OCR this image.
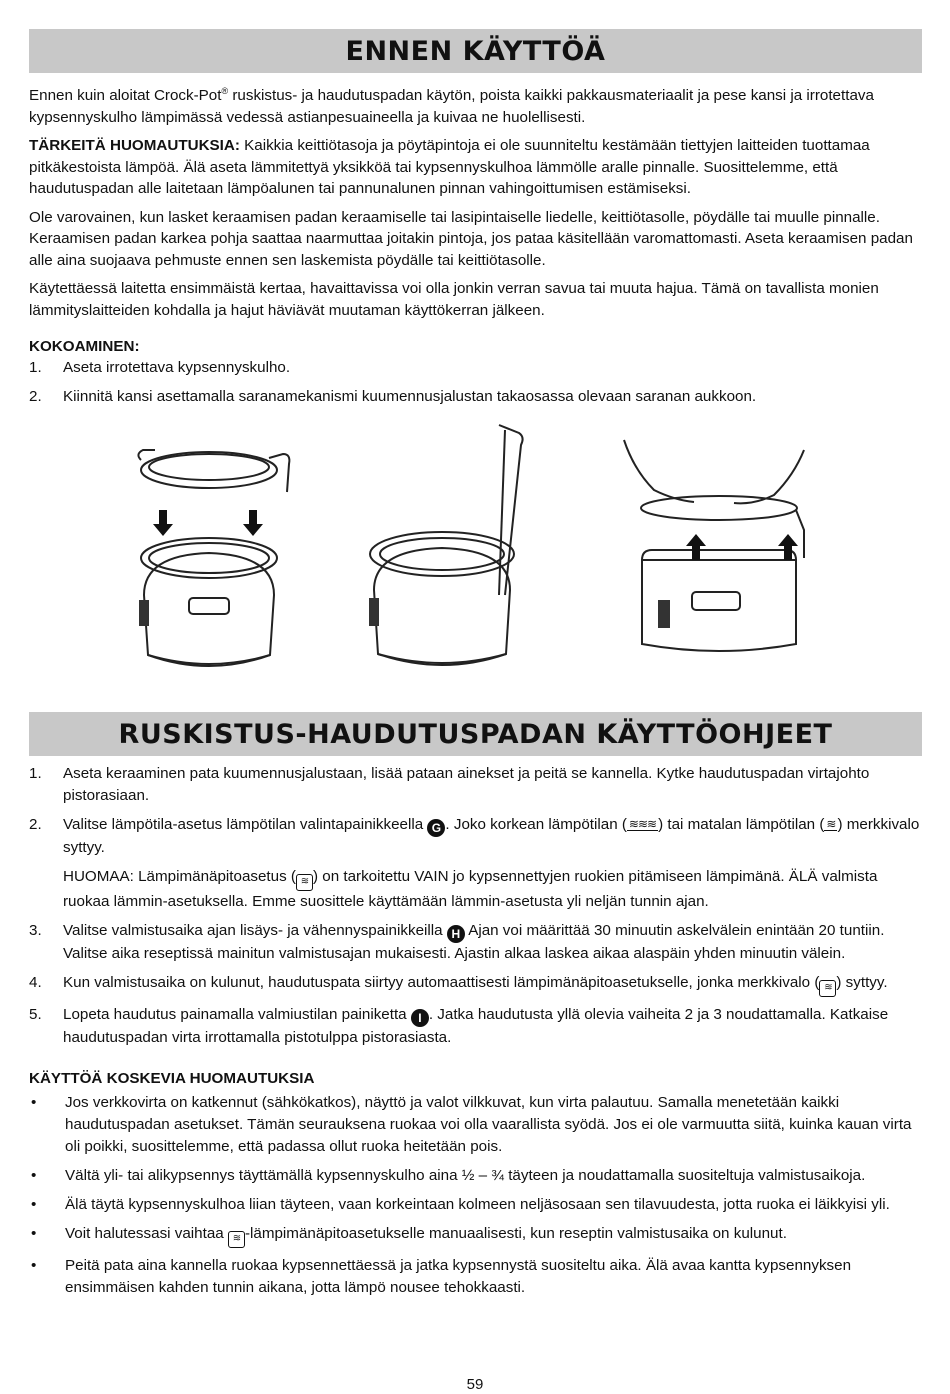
ENNEN KÄYTTÖÄ

Ennen kuin aloitat Crock-Pot® ruskistus- ja haudutuspadan käytön, poista kaikki pakkausmateriaalit ja pese kansi ja irrotettava kypsennyskulho lämpimässä vedessä astianpesuaineella ja kuivaa ne huolellisesti.

TÄRKEITÄ HUOMAUTUKSIA: Kaikkia keittiötasoja ja pöytäpintoja ei ole suunniteltu kestämään tiettyjen laitteiden tuottamaa pitkäkestoista lämpöä. Älä aseta lämmitettyä yksikköä tai kypsennyskulhoa lämmölle aralle pinnalle. Suosittelemme, että haudutuspadan alle laitetaan lämpöalunen tai pannunalunen pinnan vahingoittumisen estämiseksi.

Ole varovainen, kun lasket keraamisen padan keraamiselle tai lasipintaiselle liedelle, keittiötasolle, pöydälle tai muulle pinnalle. Keraamisen padan karkea pohja saattaa naarmuttaa joitakin pintoja, jos pataa käsitellään varomattomasti. Aseta keraamisen padan alle aina suojaava pehmuste ennen sen laskemista pöydälle tai keittiötasolle.

Käytettäessä laitetta ensimmäistä kertaa, havaittavissa voi olla jonkin verran savua tai muuta hajua. Tämä on tavallista monien lämmityslaitteiden kohdalla ja hajut häviävät muutaman käyttökerran jälkeen.

KOKOAMINEN:
1.	Aseta irrotettava kypsennyskulho.
2.	Kiinnitä kansi asettamalla saranamekanismi kuumennusjalustan takaosassa olevaan saranan aukkoon.
RUSKISTUS-HAUDUTUSPADAN KÄYTTÖOHJEET
1.	Aseta keraaminen pata kuumennusjalustaan, lisää pataan ainekset ja peitä se kannella. Kytke haudutuspadan virtajohto pistorasiaan.
2.	Valitse lämpötila-asetus lämpötilan valintapainikkeella G . Joko korkean lämpötilan ( ≋≋≋ ) tai matalan lämpötilan ( ≋ ) merkkivalo syttyy.
HUOMAA: Lämpimänäpitoasetus ( ≋ ) on tarkoitettu VAIN jo kypsennettyjen ruokien pitämiseen lämpimänä. ÄLÄ valmista ruokaa lämmin-asetuksella. Emme suosittele käyttämään lämmin-asetusta yli neljän tunnin ajan.
3.	Valitse valmistusaika ajan lisäys- ja vähennyspainikkeilla H Ajan voi määrittää 30 minuutin askelvälein enintään 20 tuntiin. Valitse aika reseptissä mainitun valmistusajan mukaisesti. Ajastin alkaa laskea aikaa alaspäin yhden minuutin välein.
4.	Kun valmistusaika on kulunut, haudutuspata siirtyy automaattisesti lämpimänäpitoasetukselle, jonka merkkivalo ( ≋ ) syttyy.
5.	Lopeta haudutus painamalla valmiustilan painiketta I . Jatka haudutusta yllä olevia vaiheita 2 ja 3 noudattamalla. Katkaise haudutuspadan virta irrottamalla pistotulppa pistorasiasta.
KÄYTTÖÄ KOSKEVIA HUOMAUTUKSIA
•	Jos verkkovirta on katkennut (sähkökatkos), näyttö ja valot vilkkuvat, kun virta palautuu. Samalla menetetään kaikki haudutuspadan asetukset. Tämän seurauksena ruokaa voi olla vaarallista syödä. Jos ei ole varmuutta siitä, kuinka kauan virta oli poikki, suosittelemme, että padassa ollut ruoka heitetään pois.
•	Vältä yli- tai alikypsennys täyttämällä kypsennyskulho aina ½ – ¾ täyteen ja noudattamalla suositeltuja valmistusaikoja.
•	Älä täytä kypsennyskulhoa liian täyteen, vaan korkeintaan kolmeen neljäsosaan sen tilavuudesta, jotta ruoka ei läikkyisi yli.
•	Voit halutessasi vaihtaa ≋ -lämpimänäpitoasetukselle manuaalisesti, kun reseptin valmistusaika on kulunut.
•	Peitä pata aina kannella ruokaa kypsennettäessä ja jatka kypsennystä suositeltu aika. Älä avaa kantta kypsennyksen ensimmäisen kahden tunnin aikana, jotta lämpö nousee tehokkaasti.
59
